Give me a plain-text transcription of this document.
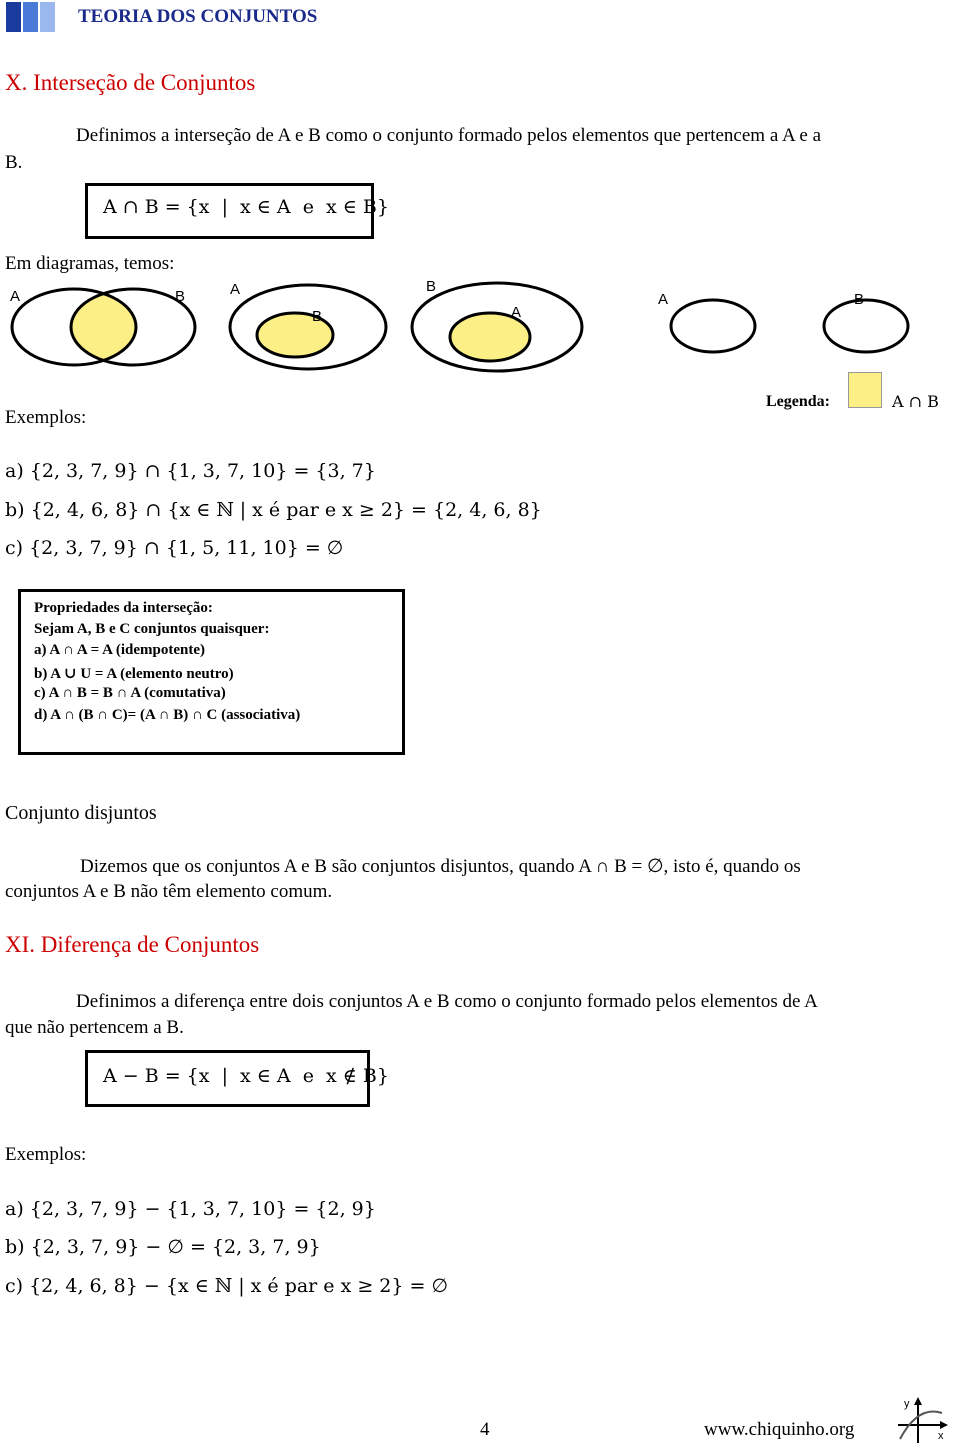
TEORIA DOS CONJUNTOS
X. Interseção de Conjuntos
Definimos a interseção de A e B como o conjunto formado pelos elementos que pertencem a A e a
B.
A ∩ B = {x  |  x ∈ A  e  x ∈ B}
Em diagramas, temos:
A	B	A
B
B
A
A	B
Exemplos:
Legenda:	A ∩ B
a) {2, 3, 7, 9} ∩ {1, 3, 7, 10} = {3, 7}
b) {2, 4, 6, 8} ∩ {x ∈ ℕ | x é par e x ≥ 2} = {2, 4, 6, 8}
c) {2, 3, 7, 9} ∩ {1, 5, 11, 10} = ∅
Propriedades da interseção:
Sejam A, B e C conjuntos quaisquer:
a) A ∩ A = A (idempotente)
b) A ∪ U = A (elemento neutro)
c) A ∩ B = B ∩ A (comutativa)
d) A ∩ (B ∩ C)= (A ∩ B) ∩ C (associativa)
Conjunto disjuntos
Dizemos que os conjuntos A e B são conjuntos disjuntos, quando A ∩ B = ∅, isto é, quando os
conjuntos A e B não têm elemento comum.
XI. Diferença de Conjuntos
Definimos a diferença entre dois conjuntos A e B como o conjunto formado pelos elementos de A
que não pertencem a B.
A − B = {x  |  x ∈ A  e  x ∉ B}
Exemplos:
a) {2, 3, 7, 9} − {1, 3, 7, 10} = {2, 9}
b) {2, 3, 7, 9} − ∅ = {2, 3, 7, 9}
c) {2, 4, 6, 8} − {x ∈ ℕ | x é par e x ≥ 2} = ∅
4	www.chiquinho.org
y
x
